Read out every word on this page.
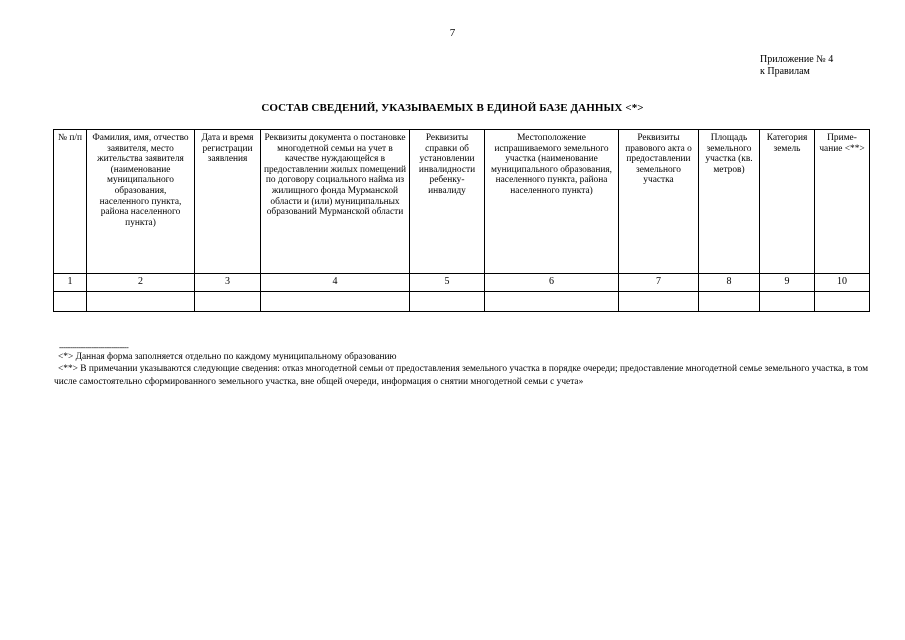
7
Приложение № 4
к Правилам
СОСТАВ СВЕДЕНИЙ, УКАЗЫВАЕМЫХ В ЕДИНОЙ БАЗЕ ДАННЫХ <*>
№ п/п	Фамилия, имя, отчество заявителя, место жительства заявителя (наименование муниципального образования, населенного пункта, района населенного пункта)	Дата и время регистрации заявления	Реквизиты документа о постановке многодетной семьи на учет в качестве нуждающейся в предоставлении жилых помещений по договору социального найма из жилищного фонда Мурманской области и (или) муниципальных образований Мурманской области	Реквизиты справки об установлении инвалидности ребенку-инвалиду	Местоположение испрашиваемого земельного участка (наименование муниципального образования, населенного пункта, района населенного пункта)	Реквизиты правового акта о предоставлении земельного участка	Площадь земельного участка (кв. метров)	Категория земель	Приме-чание <**>
1	2	3	4	5	6	7	8	9	10

--------------------------------

<*> Данная форма заполняется отдельно по каждому муниципальному образованию

<**> В примечании указываются следующие сведения: отказ многодетной семьи от предоставления земельного участка в порядке очереди; предоставление многодетной семье земельного участка, в том числе самостоятельно сформированного земельного участка, вне общей очереди, информация о снятии многодетной семьи с учета»
